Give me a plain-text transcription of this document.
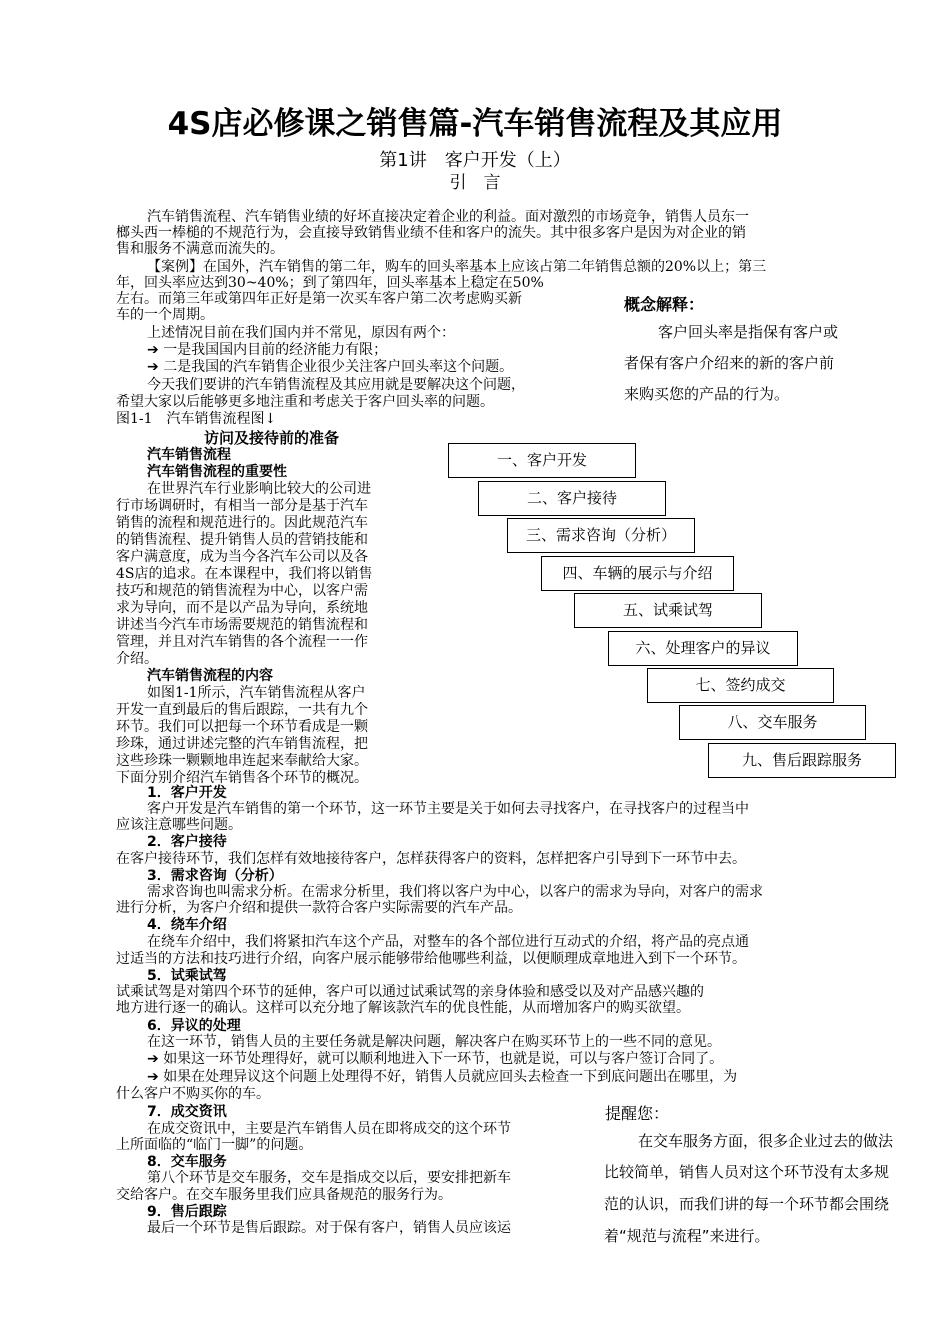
4S店必修课之销售篇-汽车销售流程及其应用
第1讲　客户开发（上）
引　言
汽车销售流程、汽车销售业绩的好坏直接决定着企业的利益。面对激烈的市场竞争，销售人员东一
榔头西一棒槌的不规范行为，会直接导致销售业绩不佳和客户的流失。其中很多客户是因为对企业的销
售和服务不满意而流失的。
【案例】在国外，汽车销售的第二年，购车的回头率基本上应该占第二年销售总额的20%以上；第三
年，回头率应达到30~40%；到了第四年，回头率基本上稳定在50%
左右。而第三年或第四年正好是第一次买车客户第二次考虑购买新
车的一个周期。
上述情况目前在我们国内并不常见，原因有两个：
➔ 一是我国国内目前的经济能力有限；
➔ 二是我国的汽车销售企业很少关注客户回头率这个问题。
今天我们要讲的汽车销售流程及其应用就是要解决这个问题，
希望大家以后能够更多地注重和考虑关于客户回头率的问题。
图1-1　汽车销售流程图↓
概念解释：
客户回头率是指保有客户或
者保有客户介绍来的新的客户前
来购买您的产品的行为。
访问及接待前的准备
汽车销售流程
汽车销售流程的重要性
在世界汽车行业影响比较大的公司进
行市场调研时，有相当一部分是基于汽车
销售的流程和规范进行的。因此规范汽车
的销售流程、提升销售人员的营销技能和
客户满意度，成为当今各汽车公司以及各
4S店的追求。在本课程中，我们将以销售
技巧和规范的销售流程为中心，以客户需
求为导向，而不是以产品为导向，系统地
讲述当今汽车市场需要规范的销售流程和
管理，并且对汽车销售的各个流程一一作
介绍。
汽车销售流程的内容
如图1-1所示，汽车销售流程从客户
开发一直到最后的售后跟踪，一共有九个
环节。我们可以把每一个环节看成是一颗
珍珠，通过讲述完整的汽车销售流程，把
这些珍珠一颗颗地串连起来奉献给大家。
下面分别介绍汽车销售各个环节的概况。
一、客户开发
二、客户接待
三、需求咨询（分析）
四、车辆的展示与介绍
五、试乘试驾
六、处理客户的异议
七、签约成交
八、交车服务
九、售后跟踪服务
1．客户开发
客户开发是汽车销售的第一个环节，这一环节主要是关于如何去寻找客户，在寻找客户的过程当中
应该注意哪些问题。
2．客户接待
在客户接待环节，我们怎样有效地接待客户，怎样获得客户的资料，怎样把客户引导到下一环节中去。
3．需求咨询（分析）
需求咨询也叫需求分析。在需求分析里，我们将以客户为中心，以客户的需求为导向，对客户的需求
进行分析，为客户介绍和提供一款符合客户实际需要的汽车产品。
4．绕车介绍
在绕车介绍中，我们将紧扣汽车这个产品，对整车的各个部位进行互动式的介绍，将产品的亮点通
过适当的方法和技巧进行介绍，向客户展示能够带给他哪些利益，以便顺理成章地进入到下一个环节。
5．试乘试驾
试乘试驾是对第四个环节的延伸，客户可以通过试乘试驾的亲身体验和感受以及对产品感兴趣的
地方进行逐一的确认。这样可以充分地了解该款汽车的优良性能，从而增加客户的购买欲望。
6．异议的处理
在这一环节，销售人员的主要任务就是解决问题，解决客户在购买环节上的一些不同的意见。
➔ 如果这一环节处理得好，就可以顺利地进入下一环节，也就是说，可以与客户签订合同了。
➔ 如果在处理异议这个问题上处理得不好，销售人员就应回头去检查一下到底问题出在哪里，为
什么客户不购买你的车。
7．成交资讯
在成交资讯中，主要是汽车销售人员在即将成交的这个环节
上所面临的“临门一脚”的问题。
8．交车服务
第八个环节是交车服务，交车是指成交以后，要安排把新车
交给客户。在交车服务里我们应具备规范的服务行为。
9．售后跟踪
最后一个环节是售后跟踪。对于保有客户，销售人员应该运
提醒您：
在交车服务方面，很多企业过去的做法
比较简单，销售人员对这个环节没有太多规
范的认识，而我们讲的每一个环节都会围绕
着“规范与流程”来进行。
